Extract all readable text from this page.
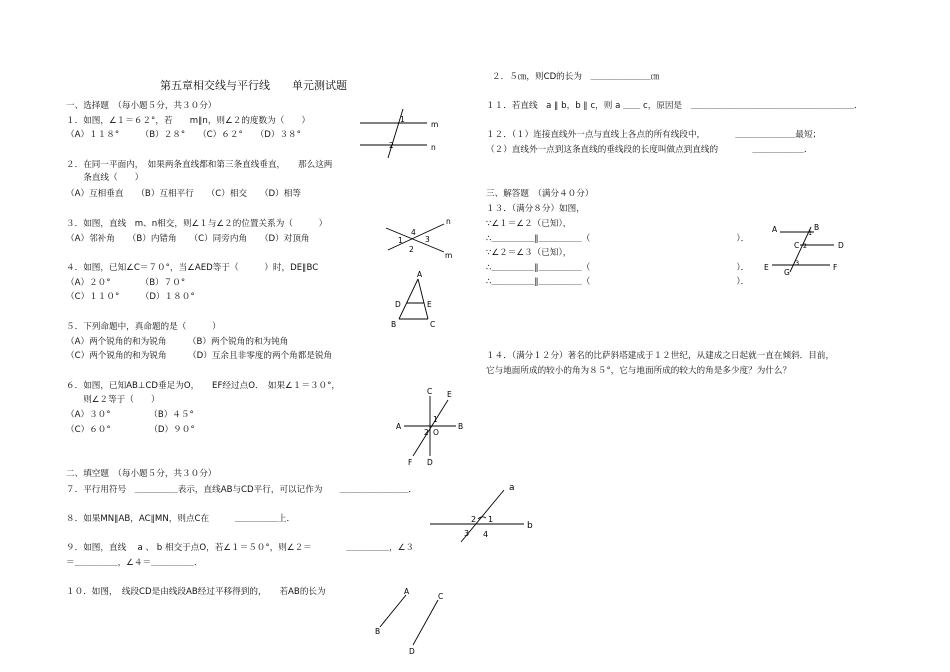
第五章相交线与平行线　　单元测试题
一、选择题　（每小题５分，共３０分）
１．如图，∠１＝６２°，若　　m∥n，则∠２的度数为（　　）
（A）１１８°　　　（B）２８°　　（C）６２°　　（D）３８°
２．在同一平面内，　如果两条直线都和第三条直线垂直，　　那么这两
　　条直线（　　）
（A）互相垂直　　（B）互相平行　　（C）相交　　（D）相等
３．如图，直线　m、n相交，则∠１与∠２的位置关系为（　　　）
（A）邻补角　　（B）内错角　　（C）同旁内角　　（D）对顶角
４．如图，已知∠C＝７０°，当∠AED等于（　　　）时，DE∥BC
（A）２０°　　　　（B）７０°
（C）１１０°　　　（D）１８０°
５．下列命题中，真命题的是（　　　）
（A）两个锐角的和为锐角　　　（B）两个锐角的和为钝角
（C）两个锐角的和为锐角　　　（D）互余且非零度的两个角都是锐角
６．如图，已知AB⊥CD垂足为O，　　EF经过点O．　如果∠１＝３０°，
　　则∠２等于（　　）
（A）３０°　　　　　（B）４５°
（C）６０°　　　　　（D）９０°
二、填空题　（每小题５分，共３０分）
７．平行用符号　＿＿＿＿＿表示，直线AB与CD平行，可以记作为　　＿＿＿＿＿＿＿＿．
８．如果MN∥AB，AC∥MN，则点C在　　　＿＿＿＿＿上．
９．如图，直线　 a 、 b 相交于点O，若∠１＝５０°，则∠２＝　　　　＿＿＿＿＿，∠３
＝＿＿＿＿＿，∠４＝＿＿＿＿＿．
１０．如图，　线段CD是由线段AB经过平移得到的，　　若AB的长为
２．５㎝，则CD的长为　＿＿＿＿＿＿＿㎝
１１．若直线　a ∥ b，b ∥ c，则 a ＿＿ c，原因是　＿＿＿＿＿＿＿＿＿＿＿＿＿＿＿＿＿＿＿．
１２．（１）连接直线外一点与直线上各点的所有线段中，　　　　＿＿＿＿＿＿＿最短；
（２）直线外一点到这条直线的垂线段的长度叫做点到直线的　　　　＿＿＿＿＿＿．
三、解答题　（满分４０分）
１３．（满分８分）如图，
∵∠１＝∠２（已知），
∴＿＿＿＿＿∥＿＿＿＿＿（　　　　　　　　　　　　　　　　　）．
∵∠２＝∠３（已知），
∴＿＿＿＿＿∥＿＿＿＿＿（　　　　　　　　　　　　　　　　　）．
∴＿＿＿＿＿∥＿＿＿＿＿（　　　　　　　　　　　　　　　　　）．
１４．（满分１２分）著名的比萨斜塔建成于１２世纪，从建成之日起就一直在倾斜．目前，
它与地面所成的较小的角为８５°，它与地面所成的较大的角是多少度？为什么？
1
2
m
n
1
2
3
4
m
n
A
B	C
D	E
A	B
C
D
E
F
O
1
2
a
b
1
2
3 4
A
B
C
D
A	B
C	D
E	F
G
1
2
3
